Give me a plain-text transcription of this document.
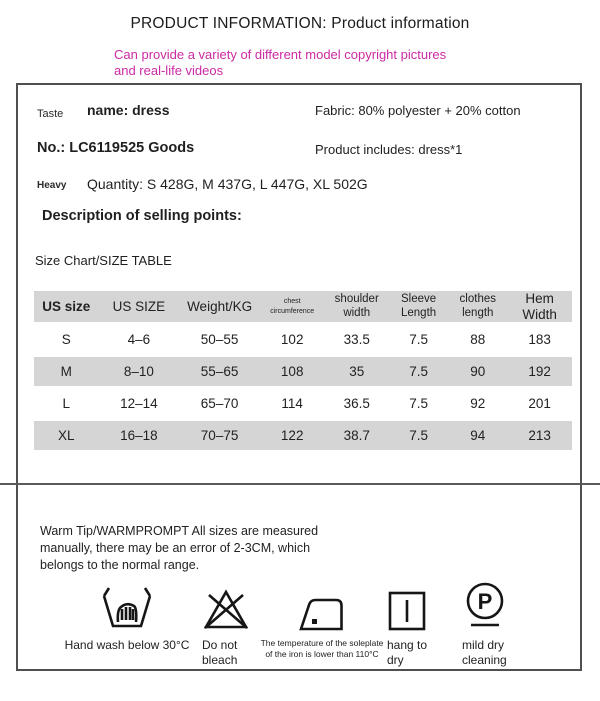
PRODUCT INFORMATION: Product information
Can provide a variety of different model copyright pictures
and real-life videos
Taste name: dress	Fabric: 80% polyester + 20% cotton
No.: LC6119525 Goods	Product includes: dress*1
Heavy Quantity: S 428G, M 437G, L 447G, XL 502G
Description of selling points:
Size Chart/SIZE TABLE
US size	US SIZE	Weight/KG	chest circumference	shoulder width	Sleeve Length	clothes length	Hem Width
S	4–6	50–55	102	33.5	7.5	88	183
M	8–10	55–65	108	35	7.5	90	192
L	12–14	65–70	114	36.5	7.5	92	201
XL	16–18	70–75	122	38.7	7.5	94	213
Warm Tip/WARMPROMPT All sizes are measured
manually, there may be an error of 2-3CM, which
belongs to the normal range.
Hand wash below 30°C Do not bleach
The temperature of the soleplate
of the iron is lower than 110°C
hang to dry
P
mild dry cleaning
